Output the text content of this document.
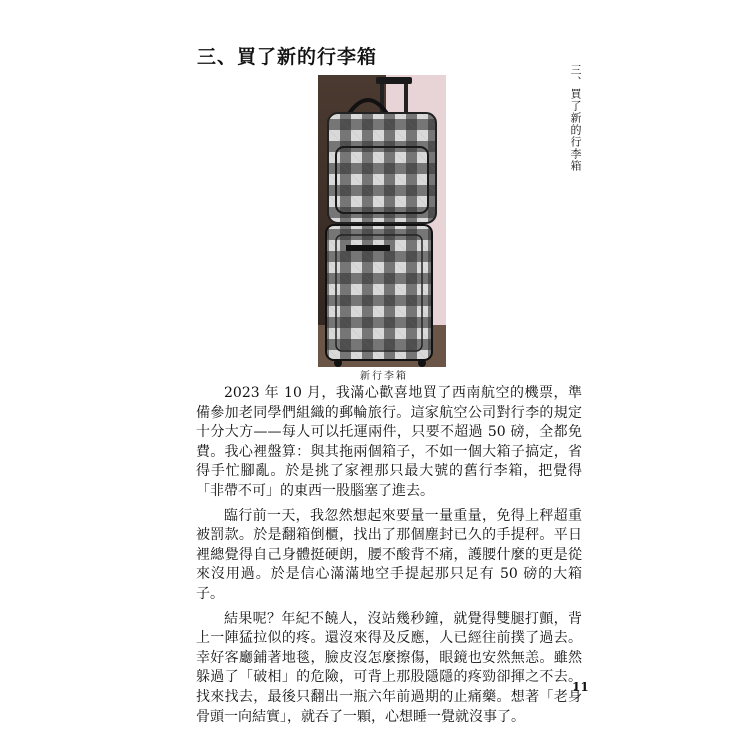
三、買了新的行李箱
三、買了新的行李箱
新行李箱

2023 年 10 月，我滿心歡喜地買了西南航空的機票，準備參加老同學們組織的郵輪旅行。這家航空公司對行李的規定十分大方——每人可以托運兩件，只要不超過 50 磅，全都免費。我心裡盤算：與其拖兩個箱子，不如一個大箱子搞定，省得手忙腳亂。於是挑了家裡那只最大號的舊行李箱，把覺得「非帶不可」的東西一股腦塞了進去。

臨行前一天，我忽然想起來要量一量重量，免得上秤超重被罰款。於是翻箱倒櫃，找出了那個塵封已久的手提秤。平日裡總覺得自己身體挺硬朗，腰不酸背不痛，護腰什麼的更是從來沒用過。於是信心滿滿地空手提起那只足有 50 磅的大箱子。

結果呢？年紀不饒人，沒站幾秒鐘，就覺得雙腿打顫，背上一陣猛拉似的疼。還沒來得及反應，人已經往前撲了過去。幸好客廳鋪著地毯，臉皮沒怎麼擦傷，眼鏡也安然無恙。雖然躲過了「破相」的危險，可背上那股隱隱的疼勁卻揮之不去。找來找去，最後只翻出一瓶六年前過期的止痛藥。想著「老身骨頭一向結實」，就吞了一顆，心想睡一覺就沒事了。

11
